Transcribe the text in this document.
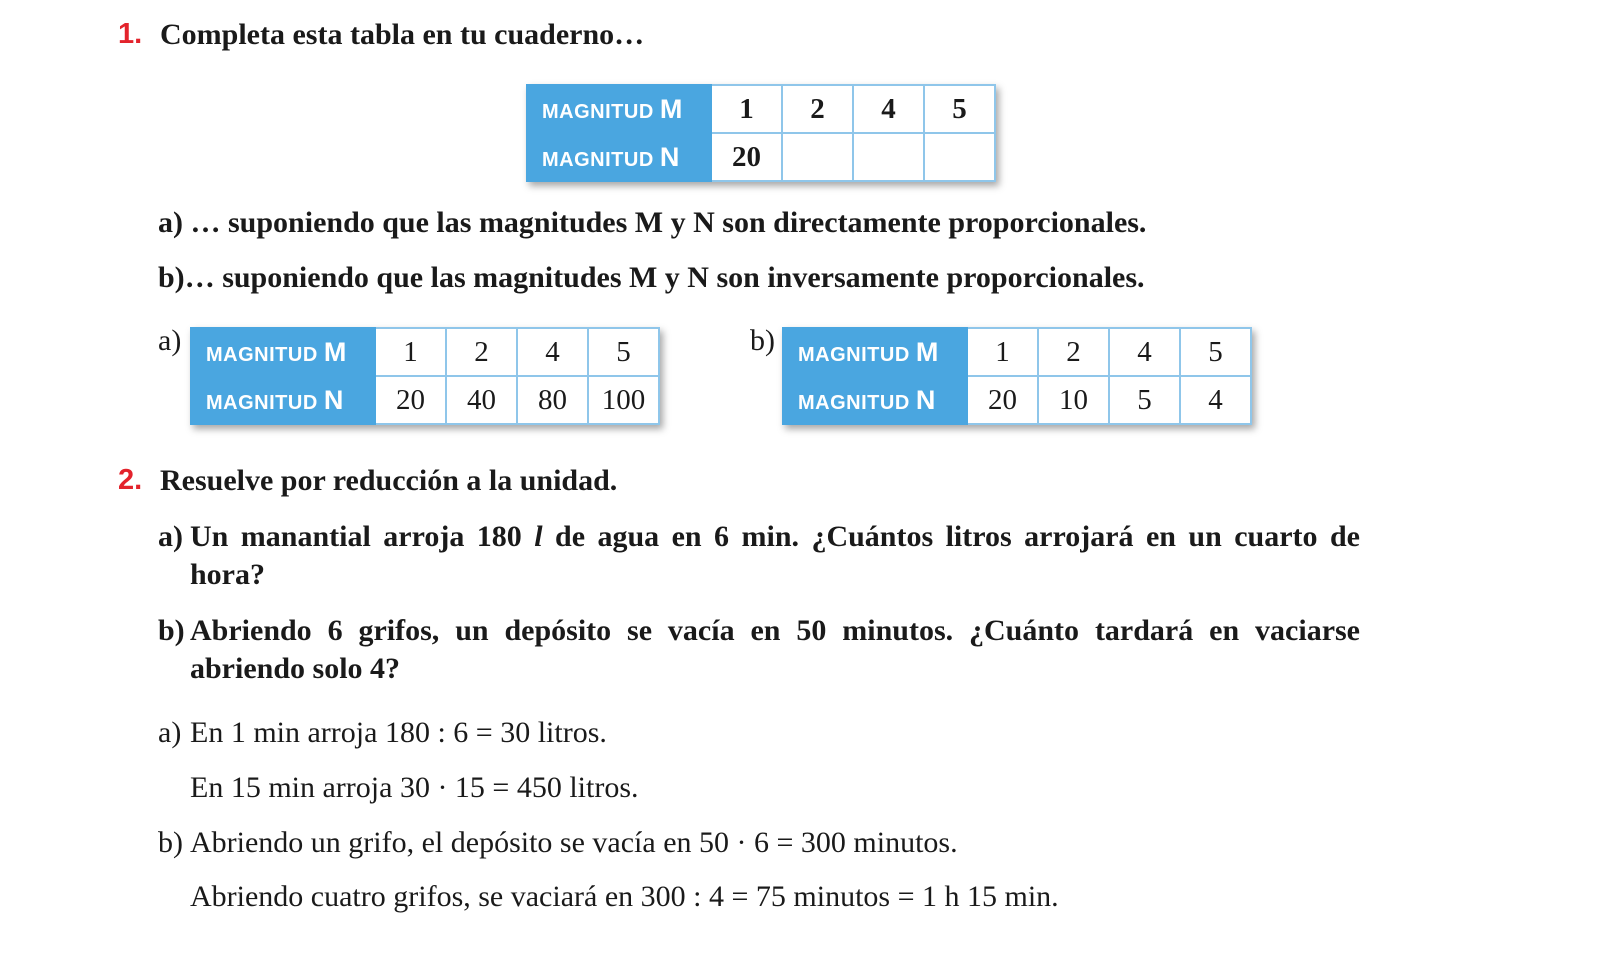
1. Completa esta tabla en tu cuaderno…
MAGNITUD M	1	2	4	5
MAGNITUD N	20			
a) … suponiendo que las magnitudes M y N son directamente proporcionales.
b)… suponiendo que las magnitudes M y N son inversamente proporcionales.
a) MAGNITUD M	1	2	4	5
MAGNITUD N	20	40	80	100
b) MAGNITUD M	1	2	4	5
MAGNITUD N	20	10	5	4
2. Resuelve por reducción a la unidad.
a) Un manantial arroja 180 l de agua en 6 min. ¿Cuántos litros arrojará en un cuarto de hora?
b) Abriendo 6 grifos, un depósito se vacía en 50 minutos. ¿Cuánto tardará en vaciarse abriendo solo 4?
a) En 1 min arroja 180 : 6 = 30 litros.
En 15 min arroja 30 · 15 = 450 litros.
b) Abriendo un grifo, el depósito se vacía en 50 · 6 = 300 minutos.
Abriendo cuatro grifos, se vaciará en 300 : 4 = 75 minutos = 1 h 15 min.
